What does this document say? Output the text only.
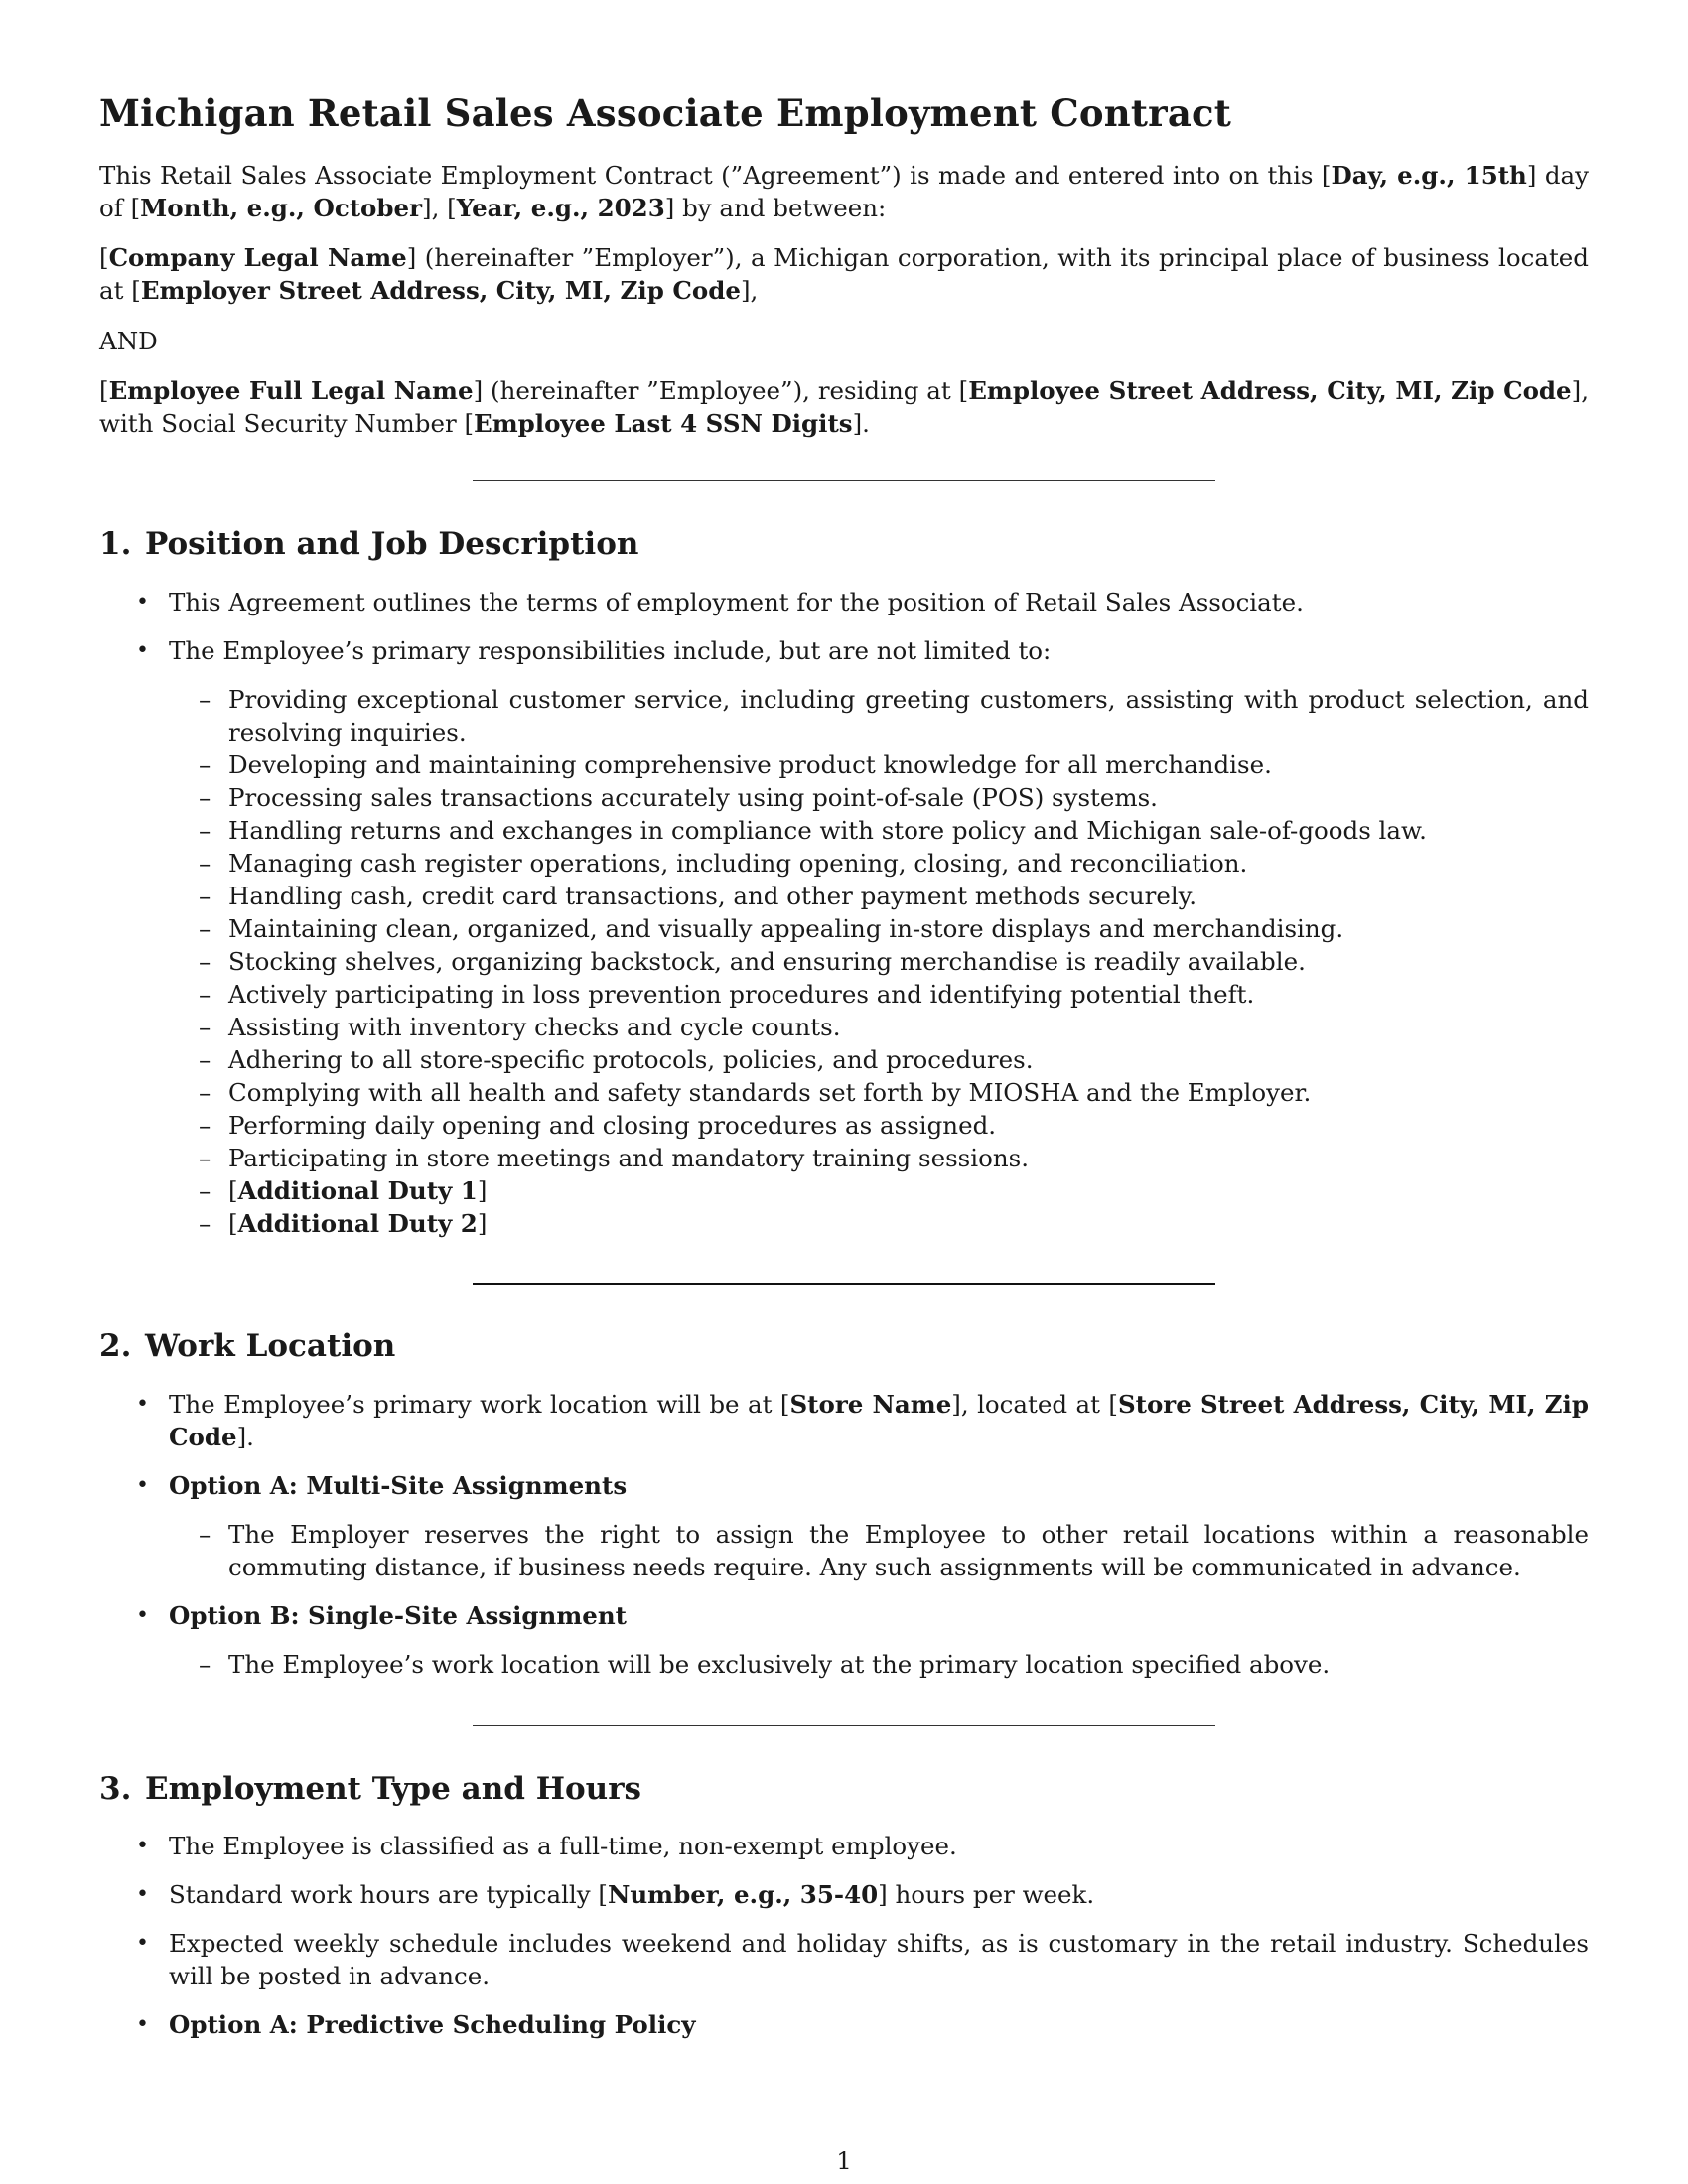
Michigan Retail Sales Associate Employment Contract

This Retail Sales Associate Employment Contract (”Agreement”) is made and entered into on this [Day, e.g., 15th] day of [Month, e.g., October], [Year, e.g., 2023] by and between:

[Company Legal Name] (hereinafter ”Employer”), a Michigan corporation, with its principal place of business located at [Employer Street Address, City, MI, Zip Code],

AND

[Employee Full Legal Name] (hereinafter ”Employee”), residing at [Employee Street Address, City, MI, Zip Code], with Social Security Number [Employee Last 4 SSN Digits].

1. Position and Job Description
• This Agreement outlines the terms of employment for the position of Retail Sales Associate.
• The Employee’s primary responsibilities include, but are not limited to:
– Providing exceptional customer service, including greeting customers, assisting with product selection, and resolving inquiries.
– Developing and maintaining comprehensive product knowledge for all merchandise.
– Processing sales transactions accurately using point-of-sale (POS) systems.
– Handling returns and exchanges in compliance with store policy and Michigan sale-of-goods law.
– Managing cash register operations, including opening, closing, and reconciliation.
– Handling cash, credit card transactions, and other payment methods securely.
– Maintaining clean, organized, and visually appealing in-store displays and merchandising.
– Stocking shelves, organizing backstock, and ensuring merchandise is readily available.
– Actively participating in loss prevention procedures and identifying potential theft.
– Assisting with inventory checks and cycle counts.
– Adhering to all store-specific protocols, policies, and procedures.
– Complying with all health and safety standards set forth by MIOSHA and the Employer.
– Performing daily opening and closing procedures as assigned.
– Participating in store meetings and mandatory training sessions.
– [Additional Duty 1]
– [Additional Duty 2]
2. Work Location
• The Employee’s primary work location will be at [Store Name], located at [Store Street Address, City, MI, Zip Code].
• Option A: Multi-Site Assignments
– The Employer reserves the right to assign the Employee to other retail locations within a reasonable commuting distance, if business needs require. Any such assignments will be communicated in advance.
• Option B: Single-Site Assignment
– The Employee’s work location will be exclusively at the primary location specified above.
3. Employment Type and Hours
• The Employee is classified as a full-time, non-exempt employee.
• Standard work hours are typically [Number, e.g., 35-40] hours per week.
• Expected weekly schedule includes weekend and holiday shifts, as is customary in the retail industry. Schedules will be posted in advance.
• Option A: Predictive Scheduling Policy
1
